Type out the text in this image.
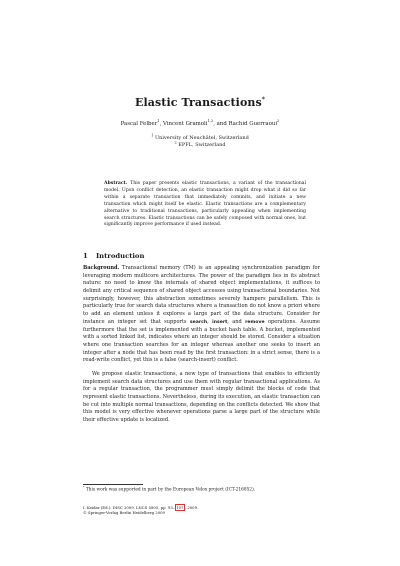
Elastic Transactions*
Pascal Felber$^1$, Vincent Gramoli$^{1,2}$, and Rachid Guerraoui$^2$
$^1$ University of Neuchâtel, Switzerland
$^2$ EPFL, Switzerland

Abstract. This paper presents elastic transactions, a variant of the transactional model. Upon conflict detection, an elastic transaction might drop what it did so far within a separate transaction that immediately commits, and initiate a new transaction which might itself be elastic. Elastic transactions are a complementary alternative to traditional transactions, particularly appealing when implementing search structures. Elastic transactions can be safely composed with normal ones, but significantly improve performance if used instead.

1 Introduction

Background. Transactional memory (TM) is an appealing synchronization paradigm for leveraging modern multicore architectures. The power of the paradigm lies in its abstract nature: no need to know the internals of shared object implementations, it suffices to delimit any critical sequence of shared object accesses using transactional boundaries. Not surprisingly, however, this abstraction sometimes severely hampers parallelism. This is particularly true for search data structures where a transaction do not know a priori where to add an element unless it explores a large part of the data structure. Consider for instance an integer set that supports search, insert, and remove operations. Assume furthermore that the set is implemented with a bucket hash table. A bucket, implemented with a sorted linked list, indicates where an integer should be stored. Consider a situation where one transaction searches for an integer whereas another one seeks to insert an integer after a node that has been read by the first transaction: in a strict sense, there is a read-write conflict, yet this is a false (search-insert) conflict.

We propose elastic transactions, a new type of transactions that enables to efficiently implement search data structures and use them with regular transactional applications. As for a regular transaction, the programmer must simply delimit the blocks of code that represent elastic transactions. Nevertheless, during its execution, an elastic transaction can be cut into multiple normal transactions, depending on the conflicts detected. We show that this model is very effective whenever operations parse a large part of the structure while their effective update is localized.

* This work was supported in part by the European Velox project (ICT-216852).

I. Keidar (Ed.): DISC 2009, LNCS 5805, pp. 93– 107 , 2009.
© Springer-Verlag Berlin Heidelberg 2009
